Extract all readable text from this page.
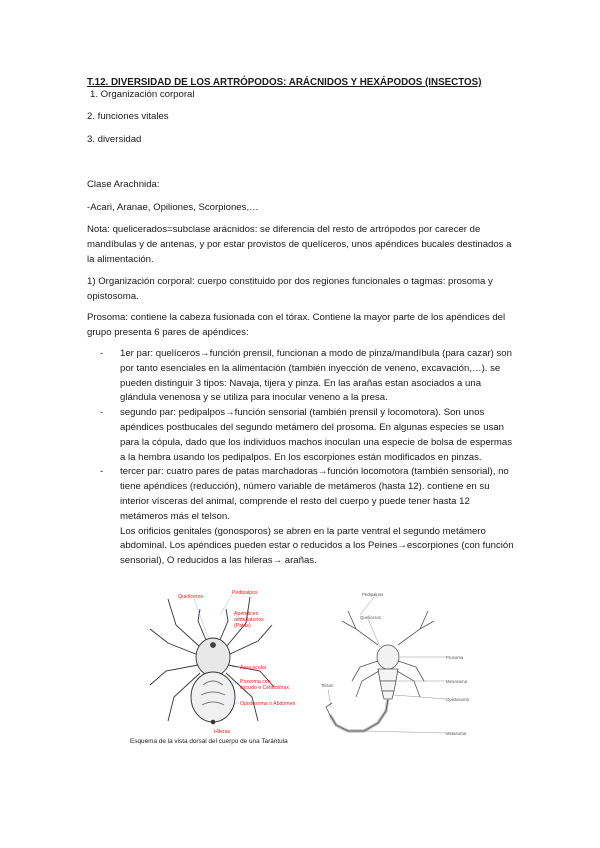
T.12. DIVERSIDAD DE LOS ARTRÓPODOS: ARÁCNIDOS Y HEXÁPODOS (INSECTOS)
1. Organización corporal
2. funciones vitales
3. diversidad
Clase Arachnida:
-Acari, Aranae, Opiliones, Scorpiones,…
Nota: quelicerados=subclase arácnidos: se diferencia del resto de artrópodos por carecer de mandíbulas y de antenas, y por estar provistos de quelíceros, unos apéndices bucales destinados a la alimentación.
1) Organización corporal: cuerpo constituido por dos regiones funcionales o tagmas: prosoma y opistosoma.
Prosoma: contiene la cabeza fusionada con el tórax. Contiene la mayor parte de los apéndices del grupo presenta 6 pares de apéndices:
- 1er par: quelíceros→función prensil, funcionan a modo de pinza/mandíbula (para cazar) son por tanto esenciales en la alimentación (también inyección de veneno, excavación,…). se pueden distinguir 3 tipos: Navaja, tijera y pinza. En las arañas estan asociados a una glándula venenosa y se utiliza para inocular veneno a la presa.
- segundo par: pedipalpos→función sensorial (también prensil y locomotora). Son unos apéndices postbucales del segundo metámero del prosoma. En algunas especies se usan para la cópula, dado que los individuos machos inoculan una especie de bolsa de espermas a la hembra usando los pedipalpos. En los escorpiones están modificados en pinzas.
- tercer par: cuatro pares de patas marchadoras→función locomotora (también sensorial), no tiene apéndices (reducción), número variable de metámeros (hasta 12). contiene en su interior vísceras del animal, comprende el resto del cuerpo y puede tener hasta 12 metámeros más el telson.
Los orificios genitales (gonosporos) se abren en la parte ventral el segundo metámero abdominal. Los apéndices pueden estar o reducidos a los Peines→escorpiones (con función sensorial), O reducidos a las hileras→ arañas.
Pedipalpos
Quelíceros
Apéndices
ambulatorios
(Patas)
Área ocular
Prosoma con
escudo o Cefalotórax
Opistosoma o Abdomen
Hileras
Esquema de la vista dorsal del cuerpo de una Tarántula
Pedipalpos
Quelíceros
Prosoma
Telson
Mesosoma
Opistosoma
Metasoma
